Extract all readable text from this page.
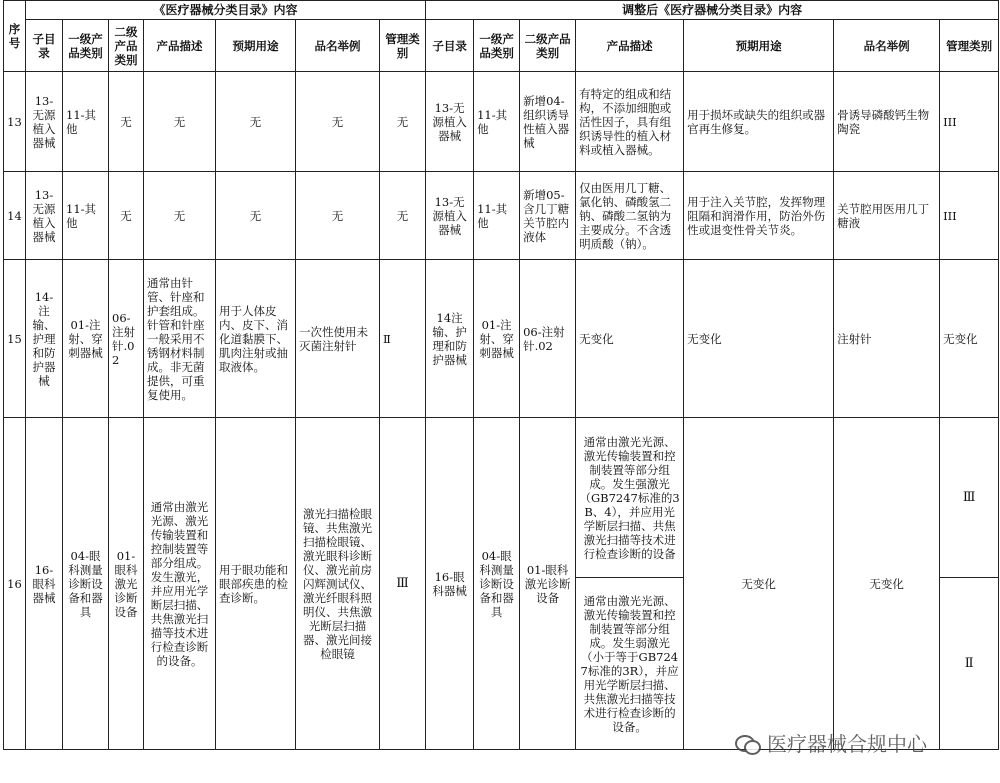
序号	《医疗器械分类目录》内容							调整后《医疗器械分类目录》内容						
	子目录	一级产品类别	二级产品类别	产品描述	预期用途	品名举例	管理类别	子目录	一级产品类别	二级产品类别	产品描述	预期用途	品名举例	管理类别
13	13-无源植入器械	11-其他	无	无	无	无	无	13-无源植入器械	11-其他	新增04-组织诱导性植入器械	有特定的组成和结构，不添加细胞或活性因子，具有组织诱导性的植入材料或植入器械。	用于损坏或缺失的组织或器官再生修复。	骨诱导磷酸钙生物陶瓷	III
14	13-无源植入器械	11-其他	无	无	无	无	无	13-无源植入器械	11-其他	新增05-含几丁糖关节腔内液体	仅由医用几丁糖、氯化钠、磷酸氢二钠、磷酸二氢钠为主要成分。不含透明质酸（钠）。	用于注入关节腔，发挥物理阻隔和润滑作用，防治外伤性或退变性骨关节炎。	关节腔用医用几丁糖液	III
15	14-注输、护理和防护器械	01-注射、穿刺器械	06-注射针.02	通常由针管、针座和护套组成。针管和针座一般采用不锈钢材料制成。非无菌提供，可重复使用。	用于人体皮内、皮下、消化道黏膜下、肌肉注射或抽取液体。	一次性使用未灭菌注射针	Ⅱ	14注输、护理和防护器械	01-注射、穿刺器械	06-注射针.02	无变化	无变化	注射针	无变化
16	16-眼科器械	04-眼科测量诊断设备和器具	01-眼科激光诊断设备	通常由激光光源、激光传输装置和控制装置等部分组成。发生激光，并应用光学断层扫描、共焦激光扫描等技术进行检查诊断的设备。	用于眼功能和眼部疾患的检查诊断。	激光扫描检眼镜、共焦激光扫描检眼镜、激光眼科诊断仪、激光前房闪辉测试仪、激光纤眼科照明仪、共焦激光断层扫描器、激光间接检眼镜	Ⅲ	16-眼科器械	04-眼科测量诊断设备和器具	01-眼科激光诊断设备	通常由激光光源、激光传输装置和控制装置等部分组成。发生强激光（GB7247标准的3B、4），并应用光学断层扫描、共焦激光扫描等技术进行检查诊断的设备	无变化	无变化	Ⅲ
											通常由激光光源、激光传输装置和控制装置等部分组成。发生弱激光（小于等于GB7247标准的3R），并应用光学断层扫描、共焦激光扫描等技术进行检查诊断的设备。			Ⅱ
医疗器械合规中心
